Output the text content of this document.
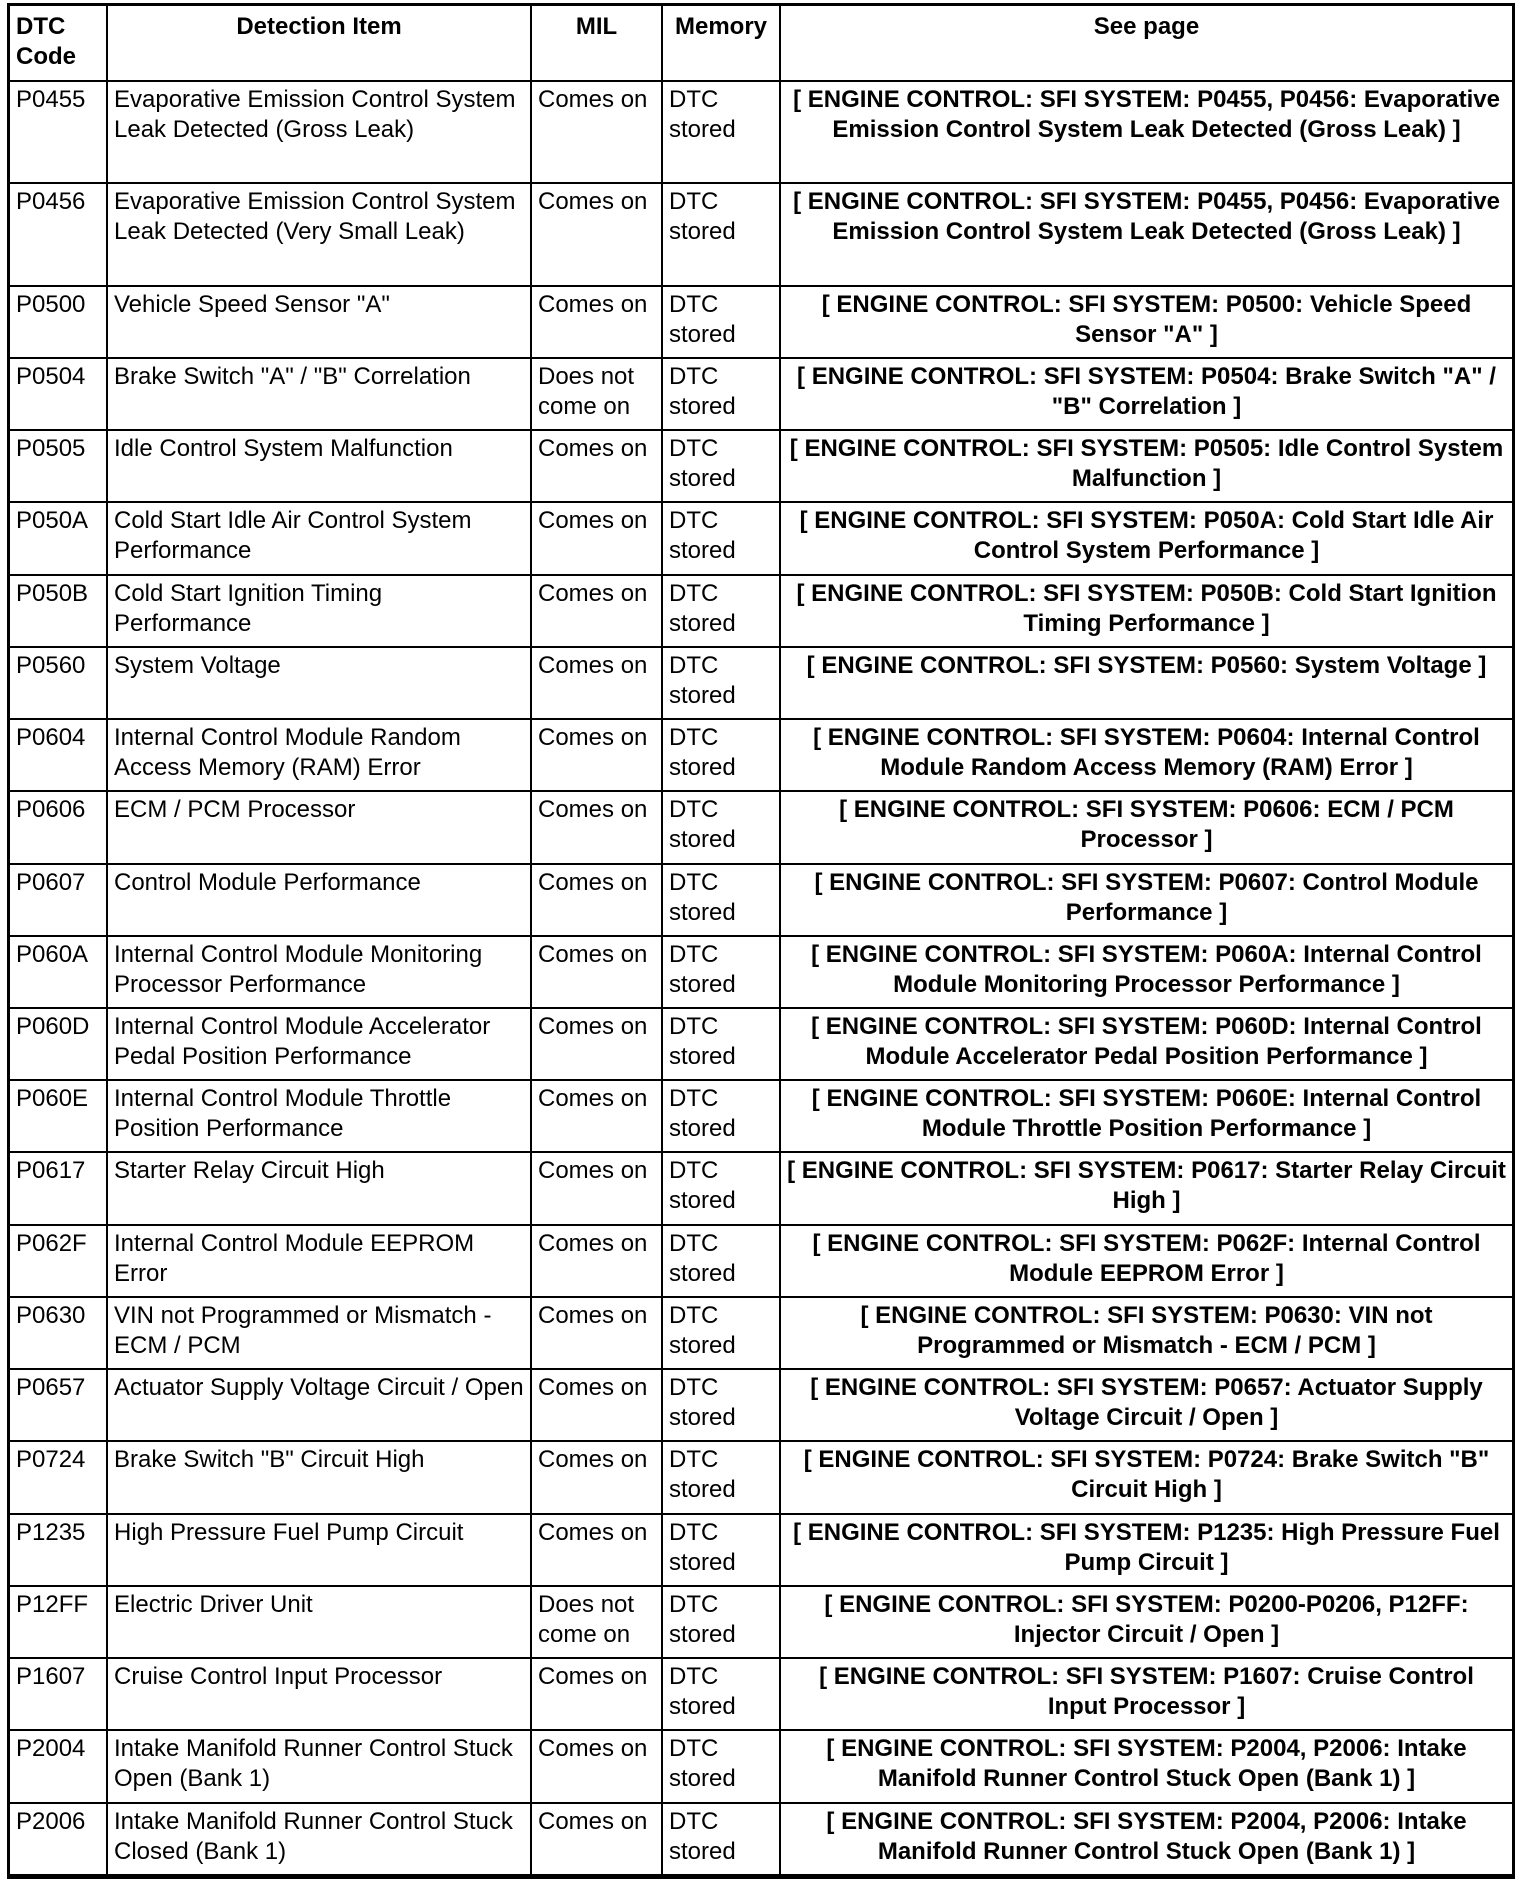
DTC Code	Detection Item	MIL	Memory	See page
P0455	Evaporative Emission Control System Leak Detected (Gross Leak)	Comes on	DTC stored	[ ENGINE CONTROL: SFI SYSTEM: P0455, P0456: Evaporative Emission Control System Leak Detected (Gross Leak) ]
P0456	Evaporative Emission Control System Leak Detected (Very Small Leak)	Comes on	DTC stored	[ ENGINE CONTROL: SFI SYSTEM: P0455, P0456: Evaporative Emission Control System Leak Detected (Gross Leak) ]
P0500	Vehicle Speed Sensor "A"	Comes on	DTC stored	[ ENGINE CONTROL: SFI SYSTEM: P0500: Vehicle Speed Sensor "A" ]
P0504	Brake Switch "A" / "B" Correlation	Does not come on	DTC stored	[ ENGINE CONTROL: SFI SYSTEM: P0504: Brake Switch "A" / "B" Correlation ]
P0505	Idle Control System Malfunction	Comes on	DTC stored	[ ENGINE CONTROL: SFI SYSTEM: P0505: Idle Control System Malfunction ]
P050A	Cold Start Idle Air Control System Performance	Comes on	DTC stored	[ ENGINE CONTROL: SFI SYSTEM: P050A: Cold Start Idle Air Control System Performance ]
P050B	Cold Start Ignition Timing Performance	Comes on	DTC stored	[ ENGINE CONTROL: SFI SYSTEM: P050B: Cold Start Ignition Timing Performance ]
P0560	System Voltage	Comes on	DTC stored	[ ENGINE CONTROL: SFI SYSTEM: P0560: System Voltage ]
P0604	Internal Control Module Random Access Memory (RAM) Error	Comes on	DTC stored	[ ENGINE CONTROL: SFI SYSTEM: P0604: Internal Control Module Random Access Memory (RAM) Error ]
P0606	ECM / PCM Processor	Comes on	DTC stored	[ ENGINE CONTROL: SFI SYSTEM: P0606: ECM / PCM Processor ]
P0607	Control Module Performance	Comes on	DTC stored	[ ENGINE CONTROL: SFI SYSTEM: P0607: Control Module Performance ]
P060A	Internal Control Module Monitoring Processor Performance	Comes on	DTC stored	[ ENGINE CONTROL: SFI SYSTEM: P060A: Internal Control Module Monitoring Processor Performance ]
P060D	Internal Control Module Accelerator Pedal Position Performance	Comes on	DTC stored	[ ENGINE CONTROL: SFI SYSTEM: P060D: Internal Control Module Accelerator Pedal Position Performance ]
P060E	Internal Control Module Throttle Position Performance	Comes on	DTC stored	[ ENGINE CONTROL: SFI SYSTEM: P060E: Internal Control Module Throttle Position Performance ]
P0617	Starter Relay Circuit High	Comes on	DTC stored	[ ENGINE CONTROL: SFI SYSTEM: P0617: Starter Relay Circuit High ]
P062F	Internal Control Module EEPROM Error	Comes on	DTC stored	[ ENGINE CONTROL: SFI SYSTEM: P062F: Internal Control Module EEPROM Error ]
P0630	VIN not Programmed or Mismatch - ECM / PCM	Comes on	DTC stored	[ ENGINE CONTROL: SFI SYSTEM: P0630: VIN not Programmed or Mismatch - ECM / PCM ]
P0657	Actuator Supply Voltage Circuit / Open	Comes on	DTC stored	[ ENGINE CONTROL: SFI SYSTEM: P0657: Actuator Supply Voltage Circuit / Open ]
P0724	Brake Switch "B" Circuit High	Comes on	DTC stored	[ ENGINE CONTROL: SFI SYSTEM: P0724: Brake Switch "B" Circuit High ]
P1235	High Pressure Fuel Pump Circuit	Comes on	DTC stored	[ ENGINE CONTROL: SFI SYSTEM: P1235: High Pressure Fuel Pump Circuit ]
P12FF	Electric Driver Unit	Does not come on	DTC stored	[ ENGINE CONTROL: SFI SYSTEM: P0200-P0206, P12FF: Injector Circuit / Open ]
P1607	Cruise Control Input Processor	Comes on	DTC stored	[ ENGINE CONTROL: SFI SYSTEM: P1607: Cruise Control Input Processor ]
P2004	Intake Manifold Runner Control Stuck Open (Bank 1)	Comes on	DTC stored	[ ENGINE CONTROL: SFI SYSTEM: P2004, P2006: Intake Manifold Runner Control Stuck Open (Bank 1) ]
P2006	Intake Manifold Runner Control Stuck Closed (Bank 1)	Comes on	DTC stored	[ ENGINE CONTROL: SFI SYSTEM: P2004, P2006: Intake Manifold Runner Control Stuck Open (Bank 1) ]
